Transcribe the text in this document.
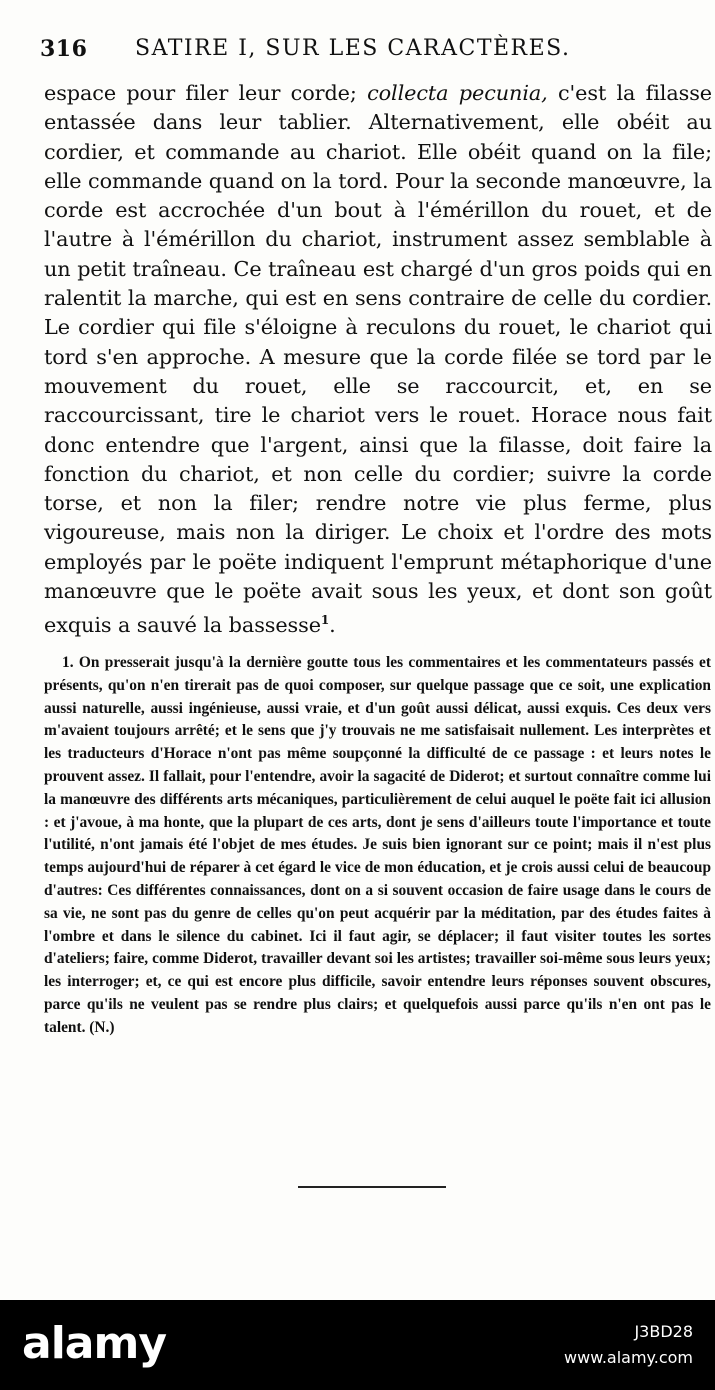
316 SATIRE I, SUR LES CARACTÈRES.

espace pour filer leur corde; collecta pecunia, c'est la filasse entassée dans leur tablier. Alternativement, elle obéit au cordier, et commande au chariot. Elle obéit quand on la file; elle commande quand on la tord. Pour la seconde manœuvre, la corde est accrochée d'un bout à l'émérillon du rouet, et de l'autre à l'émérillon du chariot, instrument assez semblable à un petit traîneau. Ce traîneau est chargé d'un gros poids qui en ralentit la marche, qui est en sens contraire de celle du cordier. Le cordier qui file s'éloigne à reculons du rouet, le chariot qui tord s'en approche. A mesure que la corde filée se tord par le mouvement du rouet, elle se raccourcit, et, en se raccourcissant, tire le chariot vers le rouet. Horace nous fait donc entendre que l'argent, ainsi que la filasse, doit faire la fonction du chariot, et non celle du cordier; suivre la corde torse, et non la filer; rendre notre vie plus ferme, plus vigoureuse, mais non la diriger. Le choix et l'ordre des mots employés par le poëte indiquent l'emprunt métaphorique d'une manœuvre que le poëte avait sous les yeux, et dont son goût exquis a sauvé la bassesse$^1$.

1. On presserait jusqu'à la dernière goutte tous les commentaires et les commentateurs passés et présents, qu'on n'en tirerait pas de quoi composer, sur quelque passage que ce soit, une explication aussi naturelle, aussi ingénieuse, aussi vraie, et d'un goût aussi délicat, aussi exquis. Ces deux vers m'avaient toujours arrêté; et le sens que j'y trouvais ne me satisfaisait nullement. Les interprètes et les traducteurs d'Horace n'ont pas même soupçonné la difficulté de ce passage : et leurs notes le prouvent assez. Il fallait, pour l'entendre, avoir la sagacité de Diderot; et surtout connaître comme lui la manœuvre des différents arts mécaniques, particulièrement de celui auquel le poëte fait ici allusion : et j'avoue, à ma honte, que la plupart de ces arts, dont je sens d'ailleurs toute l'importance et toute l'utilité, n'ont jamais été l'objet de mes études. Je suis bien ignorant sur ce point; mais il n'est plus temps aujourd'hui de réparer à cet égard le vice de mon éducation, et je crois aussi celui de beaucoup d'autres: Ces différentes connaissances, dont on a si souvent occasion de faire usage dans le cours de sa vie, ne sont pas du genre de celles qu'on peut acquérir par la méditation, par des études faites à l'ombre et dans le silence du cabinet. Ici il faut agir, se déplacer; il faut visiter toutes les sortes d'ateliers; faire, comme Diderot, travailler devant soi les artistes; travailler soi-même sous leurs yeux; les interroger; et, ce qui est encore plus difficile, savoir entendre leurs réponses souvent obscures, parce qu'ils ne veulent pas se rendre plus clairs; et quelquefois aussi parce qu'ils n'en ont pas le talent. (N.)

alamy	J3BD28
www.alamy.com
